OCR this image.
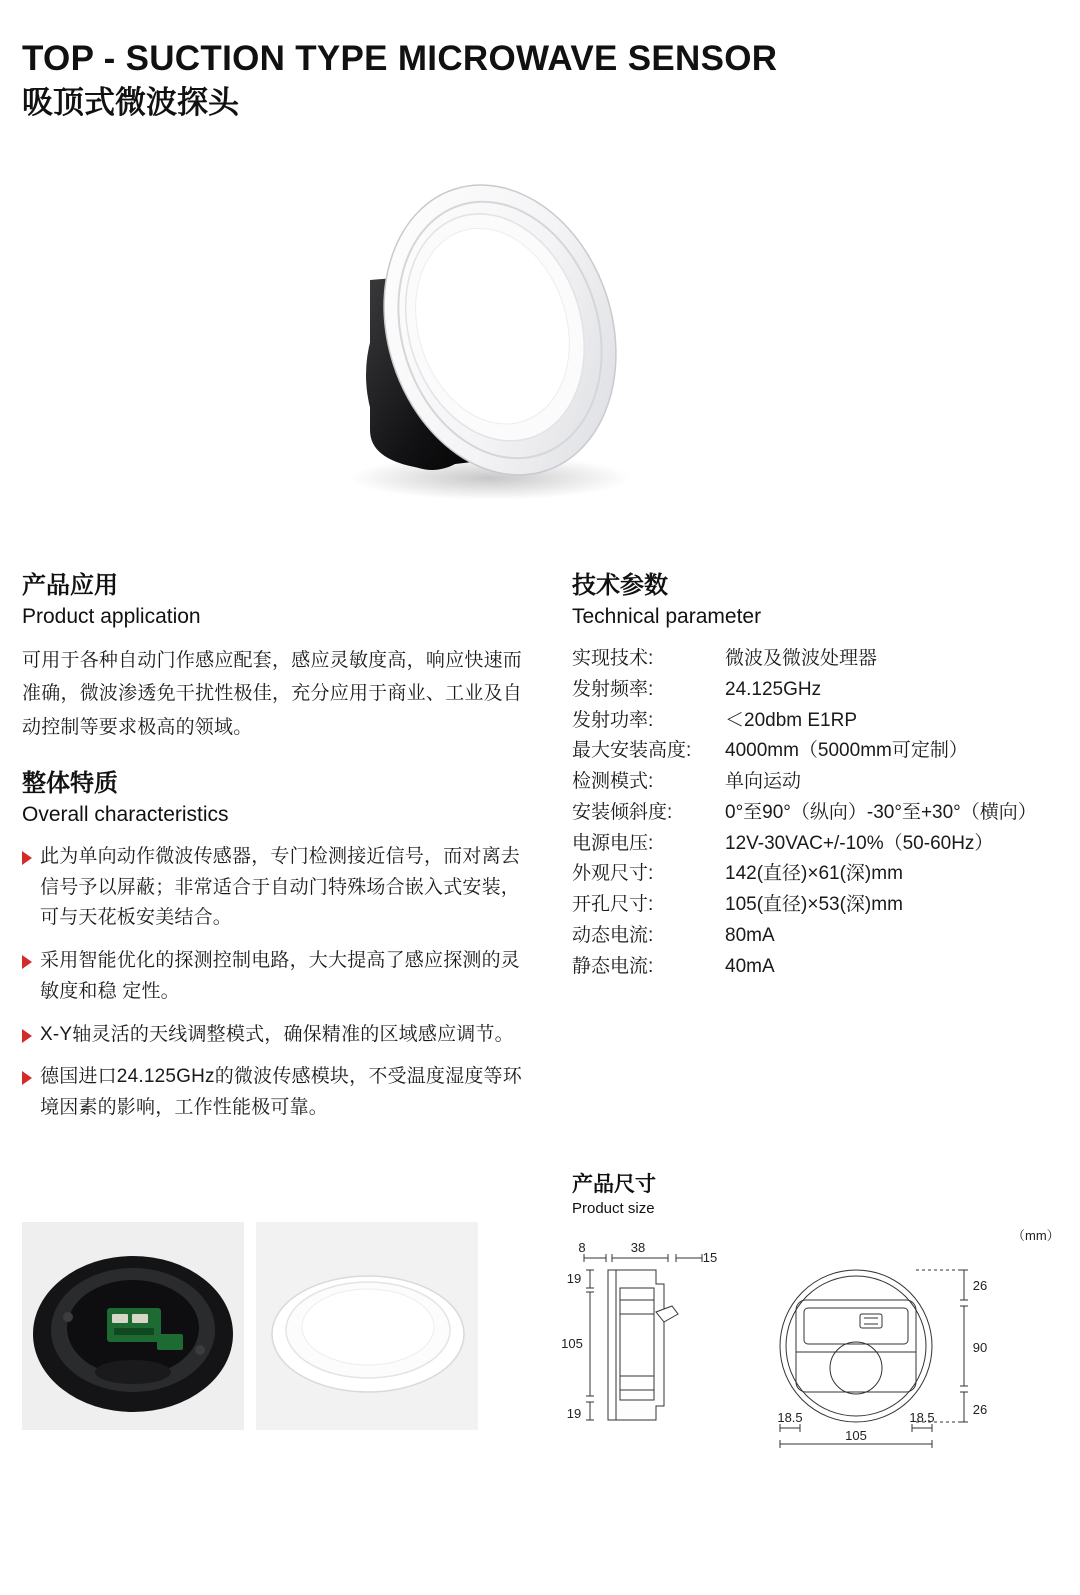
TOP - SUCTION TYPE MICROWAVE SENSOR
吸顶式微波探头
产品应用
Product application

可用于各种自动门作感应配套，感应灵敏度高，响应快速而准确，微波渗透免干扰性极佳，充分应用于商业、工业及自动控制等要求极高的领域。

整体特质
Overall characteristics
此为单向动作微波传感器，专门检测接近信号，而对离去信号予以屏蔽；非常适合于自动门特殊场合嵌入式安装，可与天花板安美结合。
采用智能优化的探测控制电路，大大提高了感应探测的灵敏度和稳 定性。
X-Y轴灵活的天线调整模式，确保精准的区域感应调节。
德国进口24.125GHz的微波传感模块，不受温度湿度等环境因素的影响，工作性能极可靠。
技术参数
Technical parameter
实现技术:	微波及微波处理器
发射频率:	24.125GHz
发射功率:	＜20dbm E1RP
最大安装高度:	4000mm（5000mm可定制）
检测模式:	单向运动
安装倾斜度:	0°至90°（纵向）-30°至+30°（横向）
电源电压:	12V-30VAC+/-10%（50-60Hz）
外观尺寸:	142(直径)×61(深)mm
开孔尺寸:	105(直径)×53(深)mm
动态电流:	80mA
静态电流:	40mA
产品尺寸
Product size
（mm）
8	38
15
19
105
19
26
90
26
18.5	18.5
105
